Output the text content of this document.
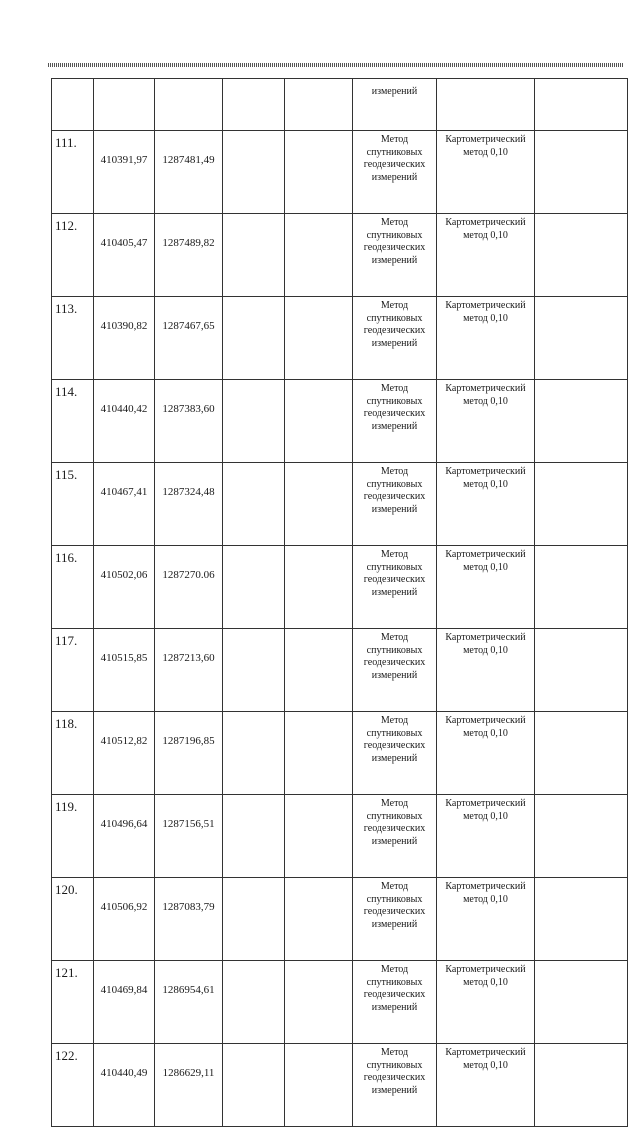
					измерений		

111.	410391,97	1287481,49			Метод спутниковых геодезических измерений	Картометрический метод 0,10	

112.	410405,47	1287489,82			Метод спутниковых геодезических измерений	Картометрический метод 0,10	

113.	410390,82	1287467,65			Метод спутниковых геодезических измерений	Картометрический метод 0,10	

114.	410440,42	1287383,60			Метод спутниковых геодезических измерений	Картометрический метод 0,10	

115.	410467,41	1287324,48			Метод спутниковых геодезических измерений	Картометрический метод 0,10	

116.	410502,06	1287270.06			Метод спутниковых геодезических измерений	Картометрический метод 0,10	

117.	410515,85	1287213,60			Метод спутниковых геодезических измерений	Картометрический метод 0,10	

118.	410512,82	1287196,85			Метод спутниковых геодезических измерений	Картометрический метод 0,10	

119.	410496,64	1287156,51			Метод спутниковых геодезических измерений	Картометрический метод 0,10	

120.	410506,92	1287083,79			Метод спутниковых геодезических измерений	Картометрический метод 0,10	

121.	410469,84	1286954,61			Метод спутниковых геодезических измерений	Картометрический метод 0,10	

122.	410440,49	1286629,11			Метод спутниковых геодезических измерений	Картометрический метод 0,10	
